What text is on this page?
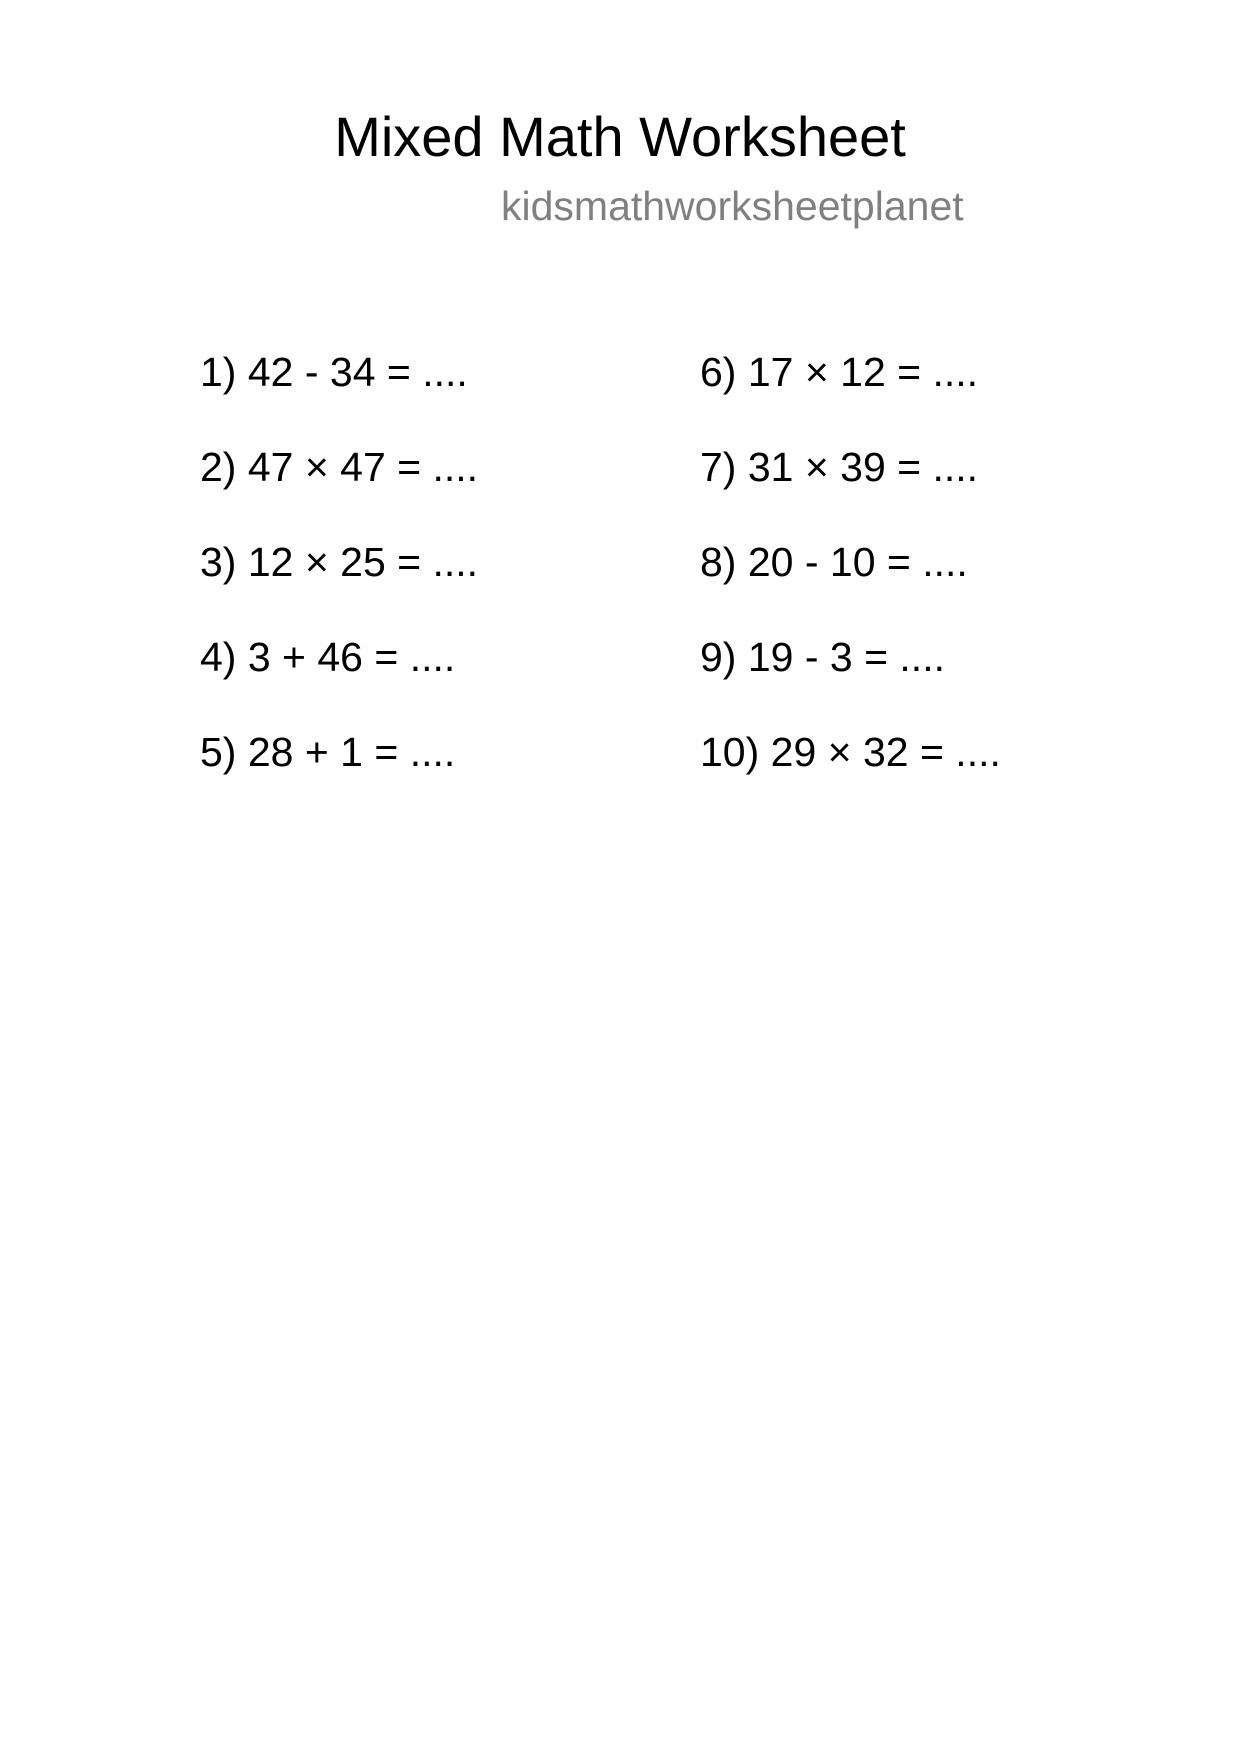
Mixed Math Worksheet
kidsmathworksheetplanet
1) 42 - 34 = ....
2) 47 × 47 = ....
3) 12 × 25 = ....
4) 3 + 46 = ....
5) 28 + 1 = ....
6) 17 × 12 = ....
7) 31 × 39 = ....
8) 20 - 10 = ....
9) 19 - 3 = ....
10) 29 × 32 = ....
